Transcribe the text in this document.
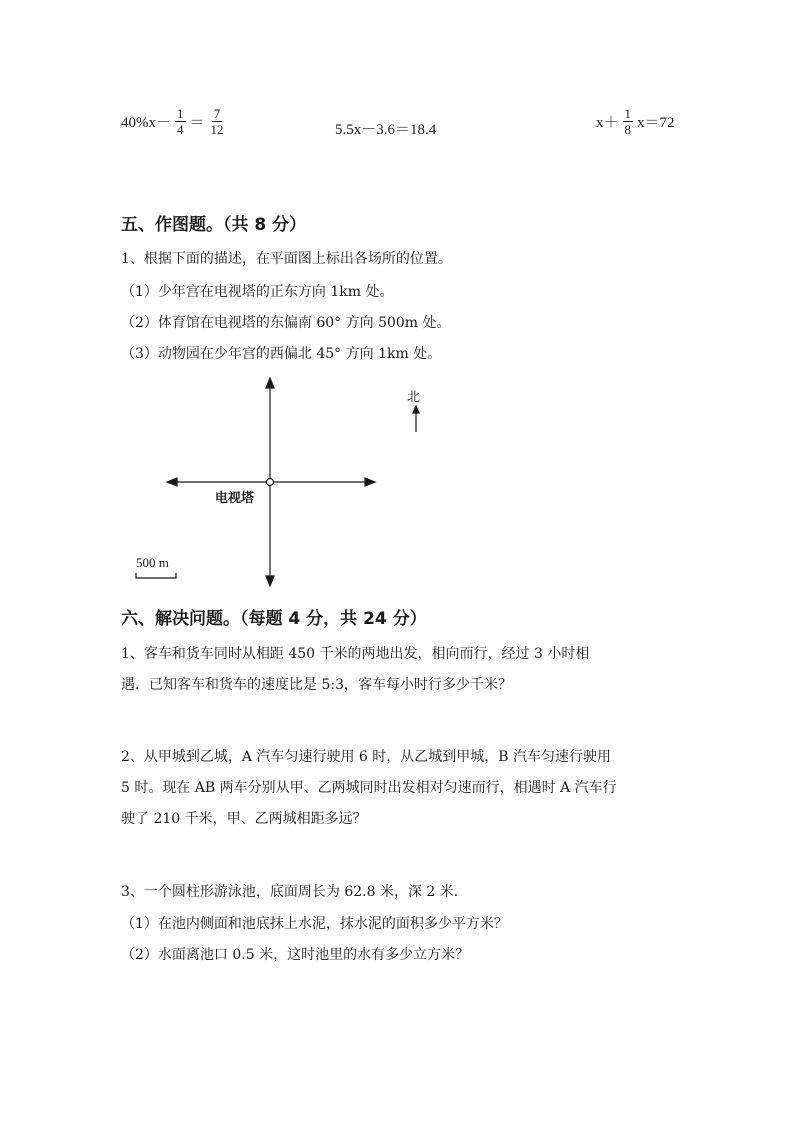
$40\%x- \frac{1}{4} = \frac{7}{12}$	5.5x－3.6＝18.4	$x+ \frac{1}{8} x=72$
五、作图题。（共 8 分）
1、根据下面的描述，在平面图上标出各场所的位置。
（1）少年宫在电视塔的正东方向 1km 处。
（2）体育馆在电视塔的东偏南 60° 方向 500m 处。
（3）动物园在少年宫的西偏北 45° 方向 1km 处。
北
电视塔
500 m
六、解决问题。（每题 4 分，共 24 分）
1、客车和货车同时从相距 450 千米的两地出发，相向而行，经过 3 小时相
遇．已知客车和货车的速度比是 5:3，客车每小时行多少千米？
2、从甲城到乙城，A 汽车匀速行驶用 6 时，从乙城到甲城，B 汽车匀速行驶用
5 时。现在 AB 两车分别从甲、乙两城同时出发相对匀速而行，相遇时 A 汽车行
驶了 210 千米，甲、乙两城相距多远？
3、一个圆柱形游泳池，底面周长为 62.8 米，深 2 米．
（1）在池内侧面和池底抹上水泥，抹水泥的面积多少平方米？
（2）水面离池口 0.5 米，这时池里的水有多少立方米？
